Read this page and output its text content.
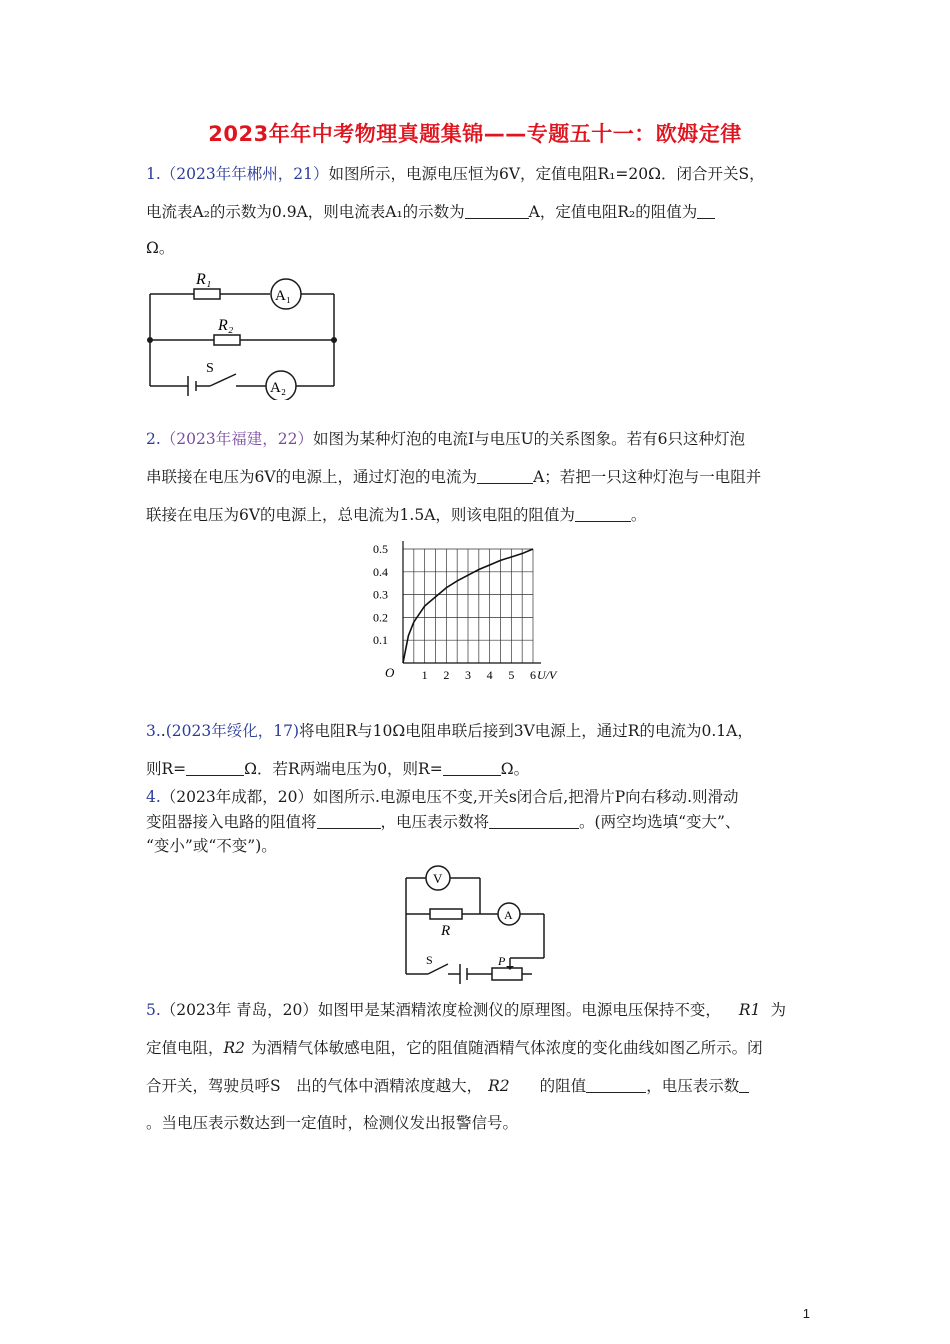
2023年年中考物理真题集锦——专题五十一：欧姆定律
1.（2023年年郴州，21）如图所示，电源电压恒为6V，定值电阻R₁=20Ω．闭合开关S，
电流表A₂的示数为0.9A，则电流表A₁的示数为	A，定值电阻R₂的阻值为
Ω。
R₁
R₂
A₁
A₂
S
2.（2023年福建，22）如图为某种灯泡的电流I与电压U的关系图象。若有6只这种灯泡
串联接在电压为6V的电源上，通过灯泡的电流为	A；若把一只这种灯泡与一电阻并
联接在电压为6V的电源上，总电流为1.5A，则该电阻的阻值为	。
1 2 3 4 5 6
0.1
0.2
0.3
0.4
0.5
O	U/V
3..(2023年绥化，17)将电阻R与10Ω电阻串联后接到3V电源上，通过R的电流为0.1A，
则R=	Ω．若R两端电压为0，则R=	Ω。
4.（2023年成都，20）如图所示.电源电压不变,开关s闭合后,把滑片P向右移动.则滑动
变阻器接入电路的阻值将	，电压表示数将	。(两空均选填“变大”、
“变小”或“不变”)。
V
A
R
S	P
5.（2023年 青岛，20）如图甲是某酒精浓度检测仪的原理图。电源电压保持不变， R1 为
定值电阻，R2 为酒精气体敏感电阻，它的阻值随酒精气体浓度的变化曲线如图乙所示。闭
合开关，驾驶员呼S　出的气体中酒精浓度越大， R2 的阻值	，电压表示数
。当电压表示数达到一定值时，检测仪发出报警信号。
1
